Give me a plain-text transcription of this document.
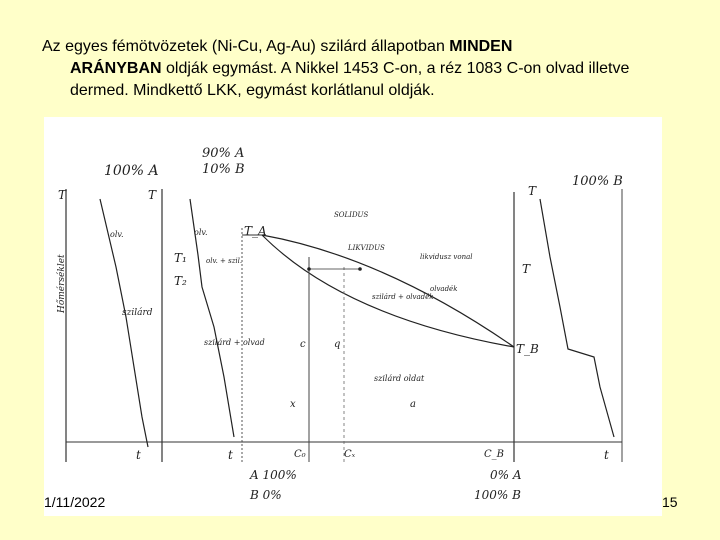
Az egyes fémötvözetek (Ni-Cu, Ag-Au) szilárd állapotban MINDEN
ARÁNYBAN oldják egymást. A Nikkel 1453 C-on, a réz 1083 C-on olvad illetve dermed. Mindkettő LKK, egymást korlátlanul oldják.
100% A
90% A
10% B
100% B
T
Hőmérséklet
olv.
szilárd
t
T
olv.
olv. + szil.
T₁
T₂
szilárd + olvad
t
T_A
T_B
SOLIDUS
LIKVIDUS
likvidusz vonal
olvadék
szilárd + olvadék
szilárd oldat
c	q
x	a
C₀	Cₓ	C_B
T
T
t
A 100%
B 0%
0% A
100% B
1/11/2022	15
